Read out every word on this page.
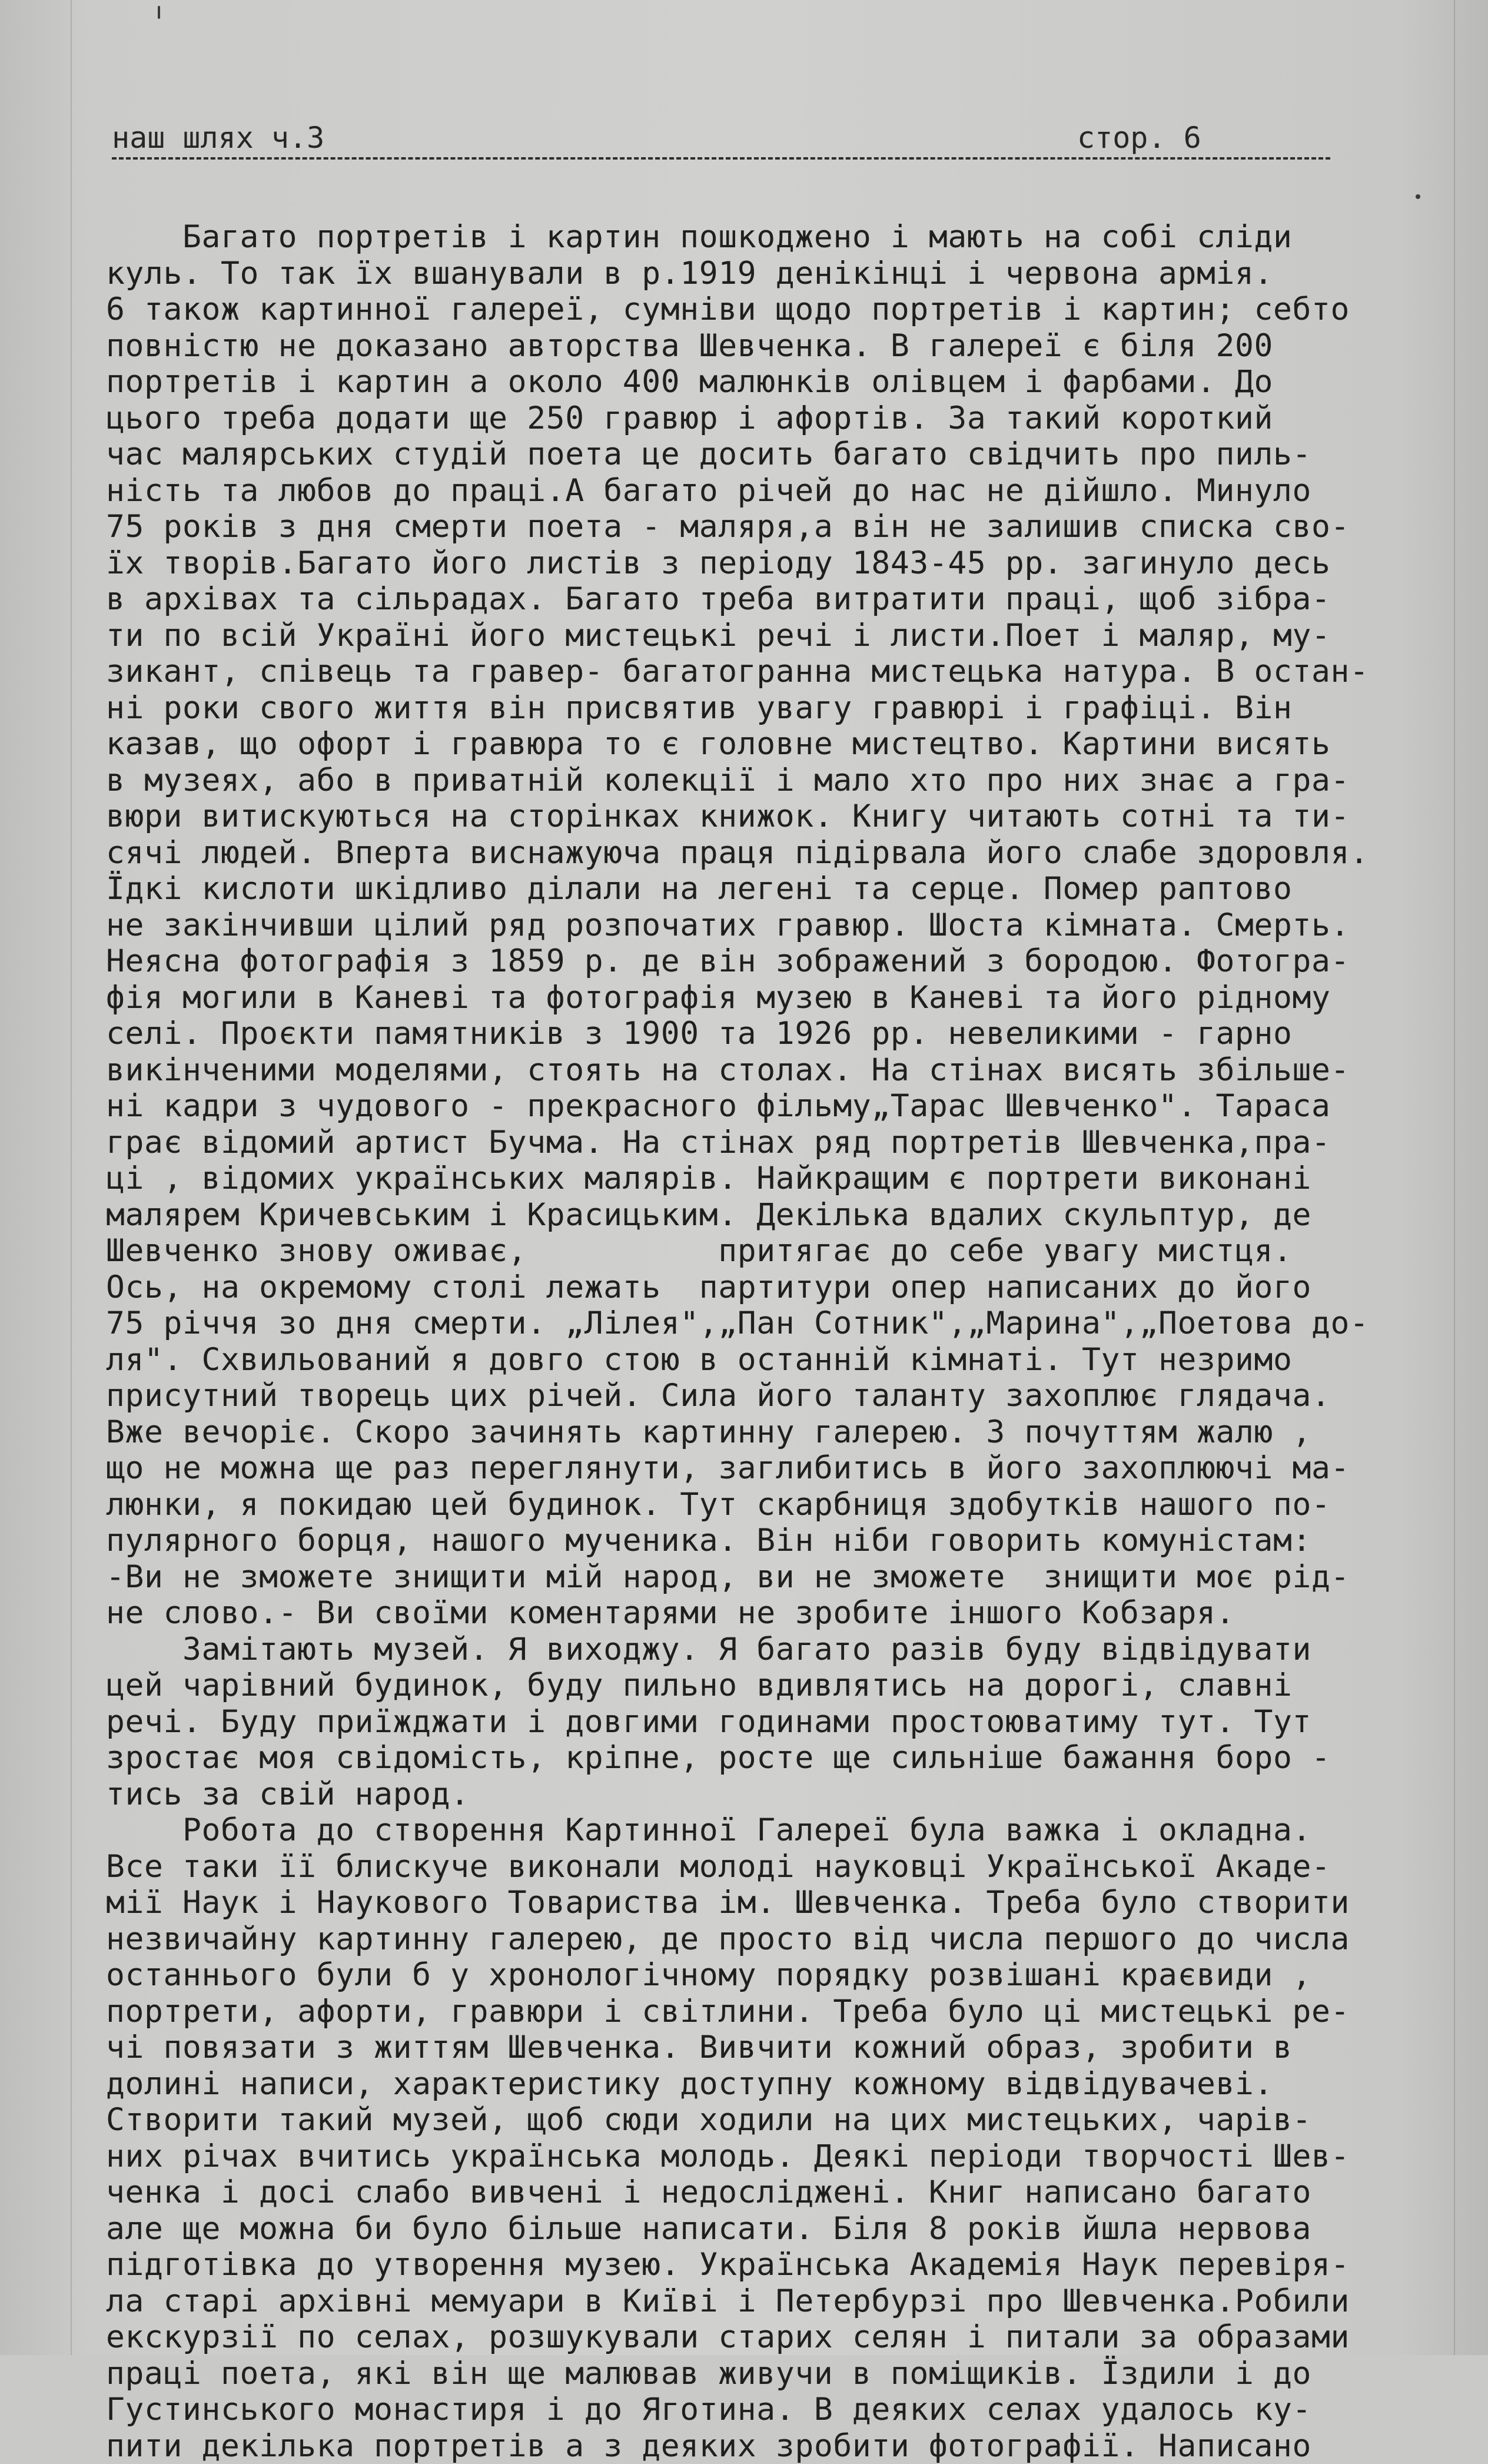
наш шлях ч.3	стор. 6
Багато портретів і картин пошкоджено і мають на собі сліди
куль. То так їх вшанували в р.1919 денікінці і червона армія.
6 також картинної галереї, сумніви щодо портретів і картин; себто
повністю не доказано авторства Шевченка. В галереї є біля 200
портретів і картин а около 400 малюнків олівцем і фарбами. До
цього треба додати ще 250 гравюр і афортів. За такий короткий
час малярських студій поета це досить багато свідчить про пиль-
ність та любов до праці.А багато річей до нас не дійшло. Минуло
75 років з дня смерти поета - маляря,а він не залишив списка сво-
їх творів.Багато його листів з періоду 1843-45 рр. загинуло десь
в архівах та сільрадах. Багато треба витратити праці, щоб зібра-
ти по всій Україні його мистецькі речі і листи.Поет і маляр, му-
зикант, співець та гравер- багатогранна мистецька натура. В остан-
ні роки свого життя він присвятив увагу гравюрі і графіці. Він
казав, що офорт і гравюра то є головне мистецтво. Картини висять
в музеях, або в приватній колекції і мало хто про них знає а гра-
вюри витискуються на сторінках книжок. Книгу читають сотні та ти-
сячі людей. Вперта виснажуюча праця підірвала його слабе здоровля.
Їдкі кислоти шкідливо ділали на легені та серце. Помер раптово
не закінчивши цілий ряд розпочатих гравюр. Шоста кімната. Смерть.
Неясна фотографія з 1859 р. де він зображений з бородою. Фотогра-
фія могили в Каневі та фотографія музею в Каневі та його рідному
селі. Проєкти памятників з 1900 та 1926 рр. невеликими - гарно
викінченими моделями, стоять на столах. На стінах висять збільше-
ні кадри з чудового - прекрасного фільму„Тарас Шевченко". Тараса
грає відомий артист Бучма. На стінах ряд портретів Шевченка,пра-
ці , відомих українських малярів. Найкращим є портрети виконані
малярем Кричевським і Красицьким. Декілька вдалих скульптур, де
Шевченко знову оживає,          притягає до себе увагу мистця.
Ось, на окремому столі лежать  партитури опер написаних до його
75 річчя зо дня смерти. „Лілея",„Пан Сотник",„Марина",„Поетова до-
ля". Схвильований я довго стою в останній кімнаті. Тут незримо
присутний творець цих річей. Сила його таланту захоплює глядача.
Вже вечоріє. Скоро зачинять картинну галерею. З почуттям жалю ,
що не можна ще раз переглянути, заглибитись в його захоплюючі ма-
люнки, я покидаю цей будинок. Тут скарбниця здобутків нашого по-
пулярного борця, нашого мученика. Він ніби говорить комуністам:
-Ви не зможете знищити мій народ, ви не зможете  знищити моє рід-
не слово.- Ви своїми коментарями не зробите іншого Кобзаря.
Замітають музей. Я виходжу. Я багато разів буду відвідувати
цей чарівний будинок, буду пильно вдивлятись на дорогі, славні
речі. Буду приїжджати і довгими годинами простоюватиму тут. Тут
зростає моя свідомість, кріпне, росте ще сильніше бажання боро -
тись за свій народ.
Робота до створення Картинної Галереї була важка і окладна.
Все таки її блискуче виконали молоді науковці Української Акаде-
мії Наук і Наукового Товариства ім. Шевченка. Треба було створити
незвичайну картинну галерею, де просто від числа першого до числа
останнього були б у хронологічному порядку розвішані краєвиди ,
портрети, афорти, гравюри і світлини. Треба було ці мистецькі ре-
чі повязати з життям Шевченка. Вивчити кожний образ, зробити в
долині написи, характеристику доступну кожному відвідувачеві.
Створити такий музей, щоб сюди ходили на цих мистецьких, чарів-
них річах вчитись українська молодь. Деякі періоди творчості Шев-
ченка і досі слабо вивчені і недосліджені. Книг написано багато
але ще можна би було більше написати. Біля 8 років йшла нервова
підготівка до утворення музею. Українська Академія Наук перевіря-
ла старі архівні мемуари в Київі і Петербурзі про Шевченка.Робили
екскурзії по селах, розшукували старих селян і питали за образами
праці поета, які він ще малював живучи в поміщиків. Їздили і до
Густинського монастиря і до Яготина. В деяких селах удалось ку-
пити декілька портретів а з деяких зробити фотографії. Написано
